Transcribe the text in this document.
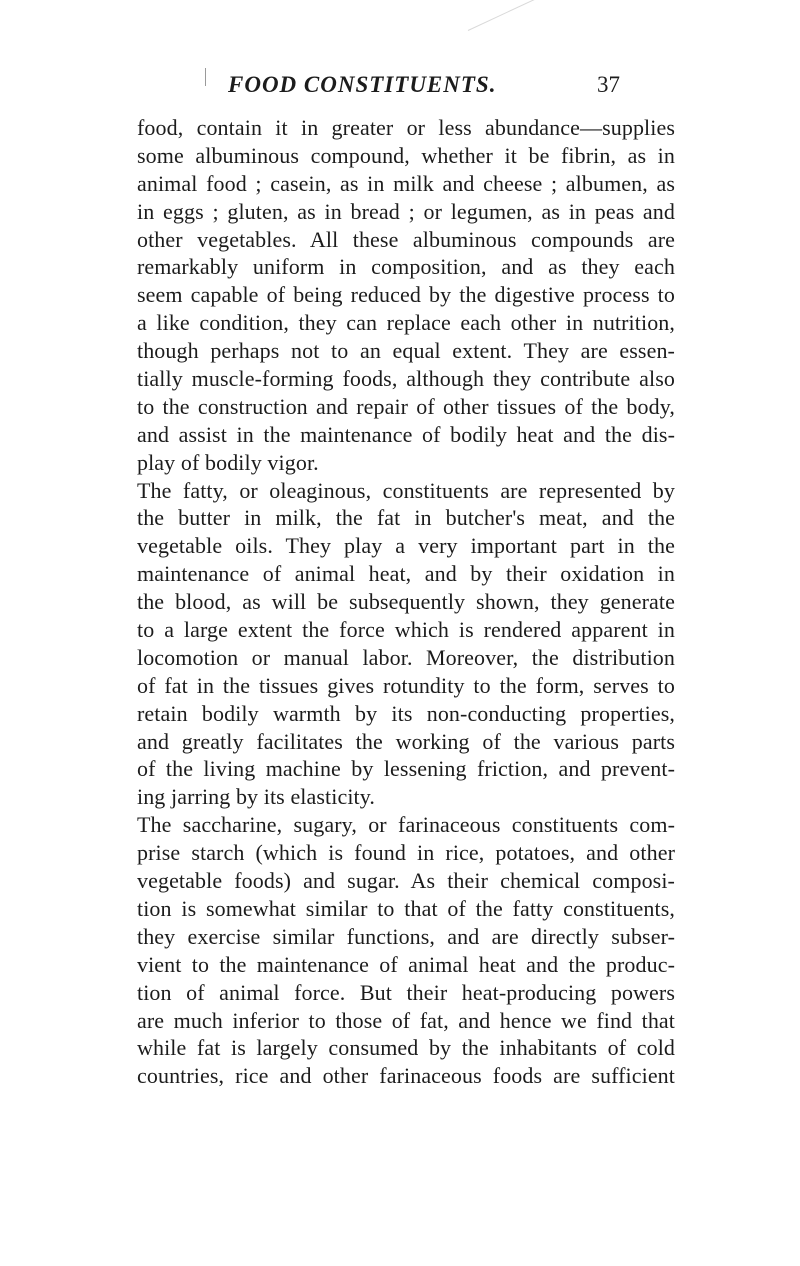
FOOD CONSTITUENTS.	37
food, contain it in greater or less abundance—supplies
some albuminous compound, whether it be fibrin, as in
animal food ; casein, as in milk and cheese ; albumen, as
in eggs ; gluten, as in bread ; or legumen, as in peas and
other vegetables. All these albuminous compounds are
remarkably uniform in composition, and as they each
seem capable of being reduced by the digestive process to
a like condition, they can replace each other in nutrition,
though perhaps not to an equal extent. They are essen-
tially muscle-forming foods, although they contribute also
to the construction and repair of other tissues of the body,
and assist in the maintenance of bodily heat and the dis-
play of bodily vigor.
The fatty, or oleaginous, constituents are represented by
the butter in milk, the fat in butcher's meat, and the
vegetable oils. They play a very important part in the
maintenance of animal heat, and by their oxidation in
the blood, as will be subsequently shown, they generate
to a large extent the force which is rendered apparent in
locomotion or manual labor. Moreover, the distribution
of fat in the tissues gives rotundity to the form, serves to
retain bodily warmth by its non-conducting properties,
and greatly facilitates the working of the various parts
of the living machine by lessening friction, and prevent-
ing jarring by its elasticity.
The saccharine, sugary, or farinaceous constituents com-
prise starch (which is found in rice, potatoes, and other
vegetable foods) and sugar. As their chemical composi-
tion is somewhat similar to that of the fatty constituents,
they exercise similar functions, and are directly subser-
vient to the maintenance of animal heat and the produc-
tion of animal force. But their heat-producing powers
are much inferior to those of fat, and hence we find that
while fat is largely consumed by the inhabitants of cold
countries, rice and other farinaceous foods are sufficient
